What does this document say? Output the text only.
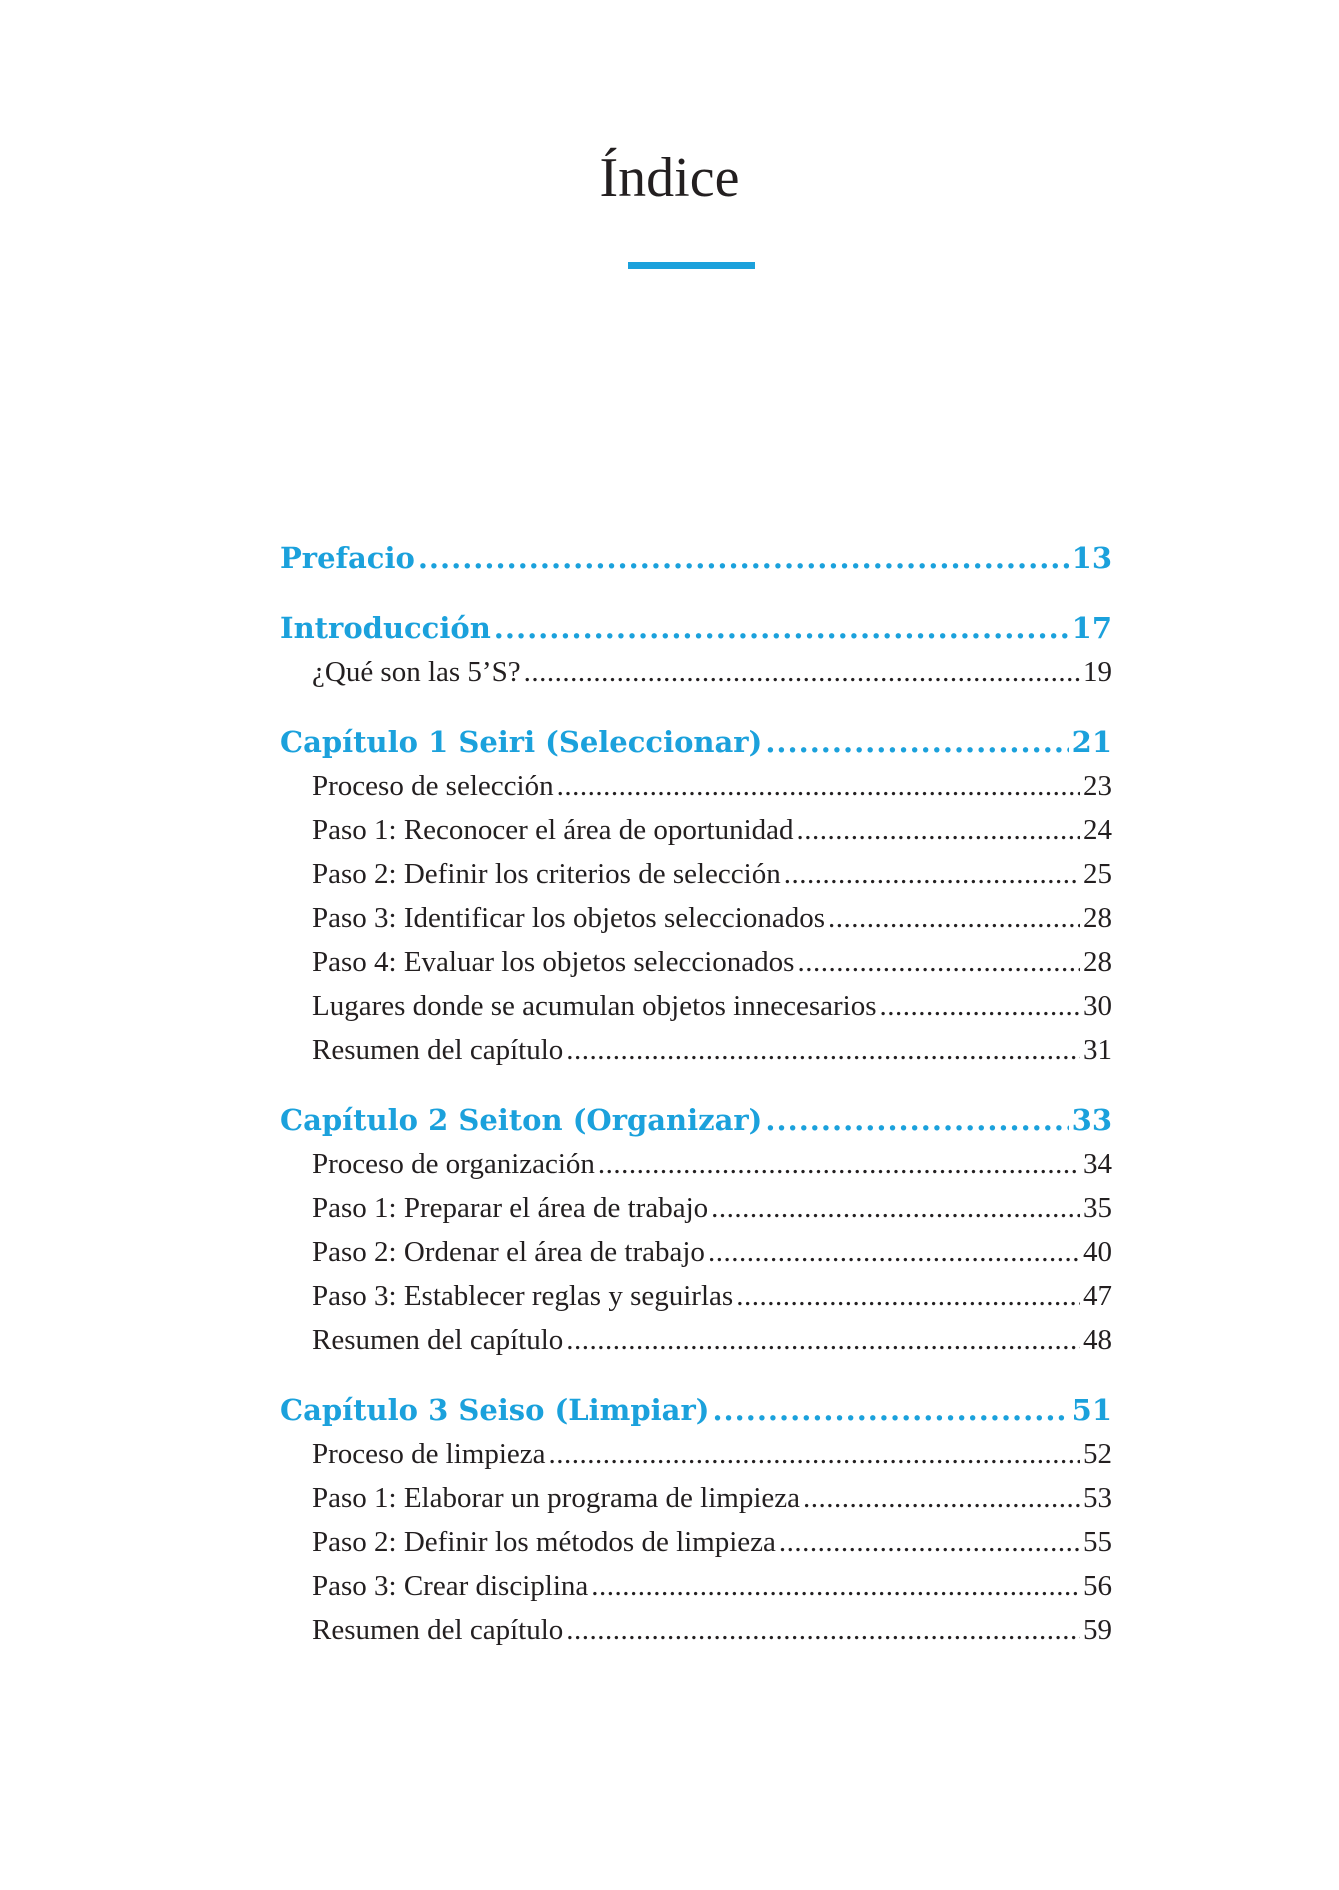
Índice
Prefacio .....	13
Introducción .....	17
¿Qué son las 5’S? .....	19
Capítulo 1 Seiri (Seleccionar) .....	21
Proceso de selección .....	23
Paso 1: Reconocer el área de oportunidad .....	24
Paso 2: Definir los criterios de selección .....	25
Paso 3: Identificar los objetos seleccionados .....	28
Paso 4: Evaluar los objetos seleccionados .....	28
Lugares donde se acumulan objetos innecesarios .....	30
Resumen del capítulo .....	31
Capítulo 2 Seiton (Organizar) .....	33
Proceso de organización .....	34
Paso 1: Preparar el área de trabajo .....	35
Paso 2: Ordenar el área de trabajo .....	40
Paso 3: Establecer reglas y seguirlas .....	47
Resumen del capítulo .....	48
Capítulo 3 Seiso (Limpiar) .....	51
Proceso de limpieza .....	52
Paso 1: Elaborar un programa de limpieza .....	53
Paso 2: Definir los métodos de limpieza .....	55
Paso 3: Crear disciplina .....	56
Resumen del capítulo .....	59
